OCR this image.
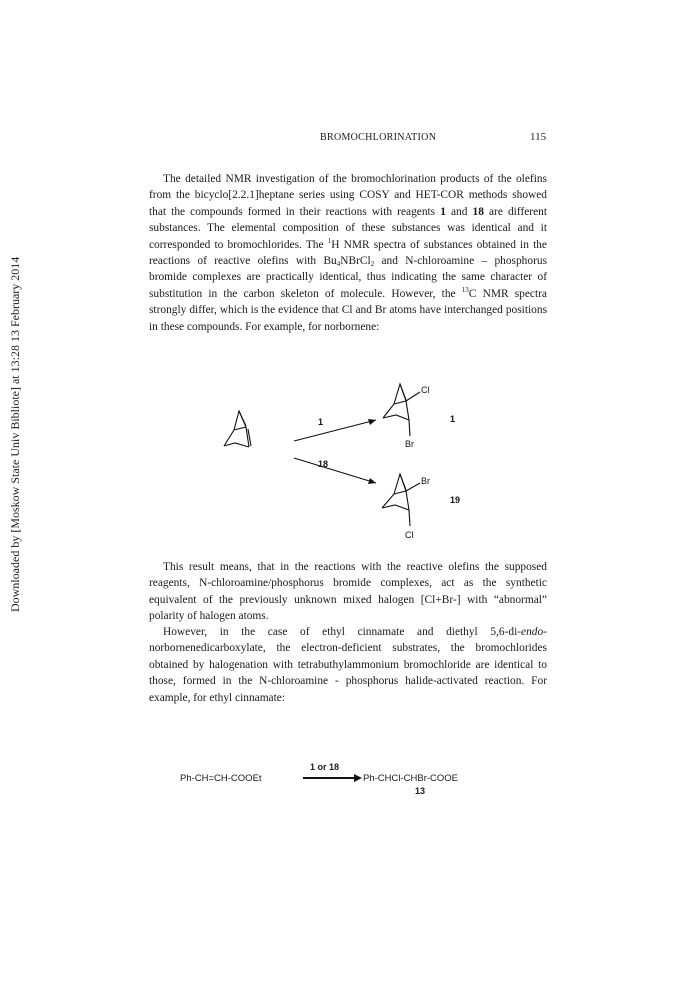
Downloaded by [Moskow State Univ Bibliote] at 13:28 13 February 2014
BROMOCHLORINATION	115

The detailed NMR investigation of the bromochlorination products of the olefins from the bicyclo[2.2.1]heptane series using COSY and HET-COR methods showed that the compounds formed in their reactions with reagents 1 and 18 are different substances. The elemental composition of these substances was identical and it corresponded to bromochlorides. The $^1$H NMR spectra of substances obtained in the reactions of reactive olefins with $Bu_4NBrCl_2$ and N-chloroamine – phosphorus bromide complexes are practically identical, thus indicating the same character of substitution in the carbon skeleton of molecule. However, the $^{13}$C NMR spectra strongly differ, which is the evidence that Cl and Br atoms have interchanged positions in these compounds. For example, for norbornene:

1
18
Cl
Br
1
Br
Cl
19

This result means, that in the reactions with the reactive olefins the supposed reagents, N-chloroamine/phosphorus bromide complexes, act as the synthetic equivalent of the previously unknown mixed halogen [Cl+Br-] with “abnormal” polarity of halogen atoms.

However, in the case of ethyl cinnamate and diethyl 5,6-di-endo-norbornenedicarboxylate, the electron-deficient substrates, the bromochlorides obtained by halogenation with tetrabuthylammonium bromochloride are identical to those, formed in the N-chloroamine - phosphorus halide-activated reaction. For example, for ethyl cinnamate:

Ph-CH=CH-COOEt
1 or 18
Ph-CHCl-CHBr-COOE
13
